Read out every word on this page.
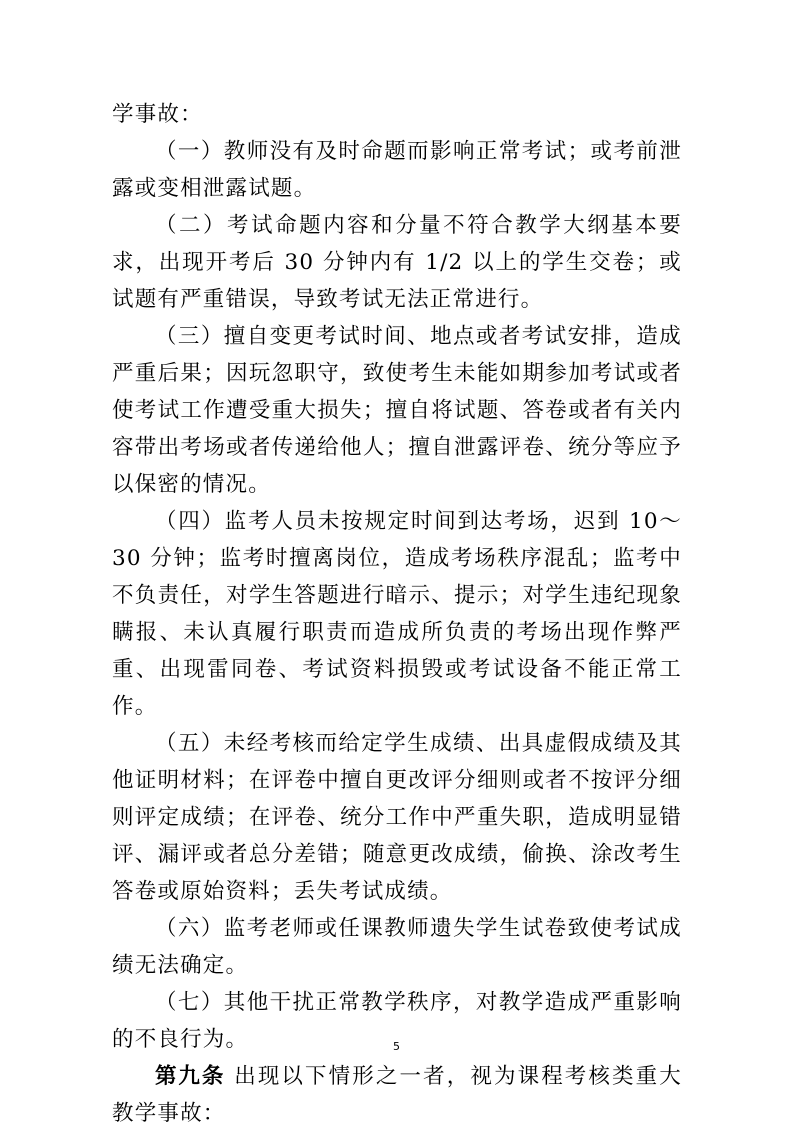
学事故：

（一）教师没有及时命题而影响正常考试；或考前泄露或变相泄露试题。

（二）考试命题内容和分量不符合教学大纲基本要求，出现开考后 30 分钟内有 1/2 以上的学生交卷；或试题有严重错误，导致考试无法正常进行。

（三）擅自变更考试时间、地点或者考试安排，造成严重后果；因玩忽职守，致使考生未能如期参加考试或者使考试工作遭受重大损失；擅自将试题、答卷或者有关内容带出考场或者传递给他人；擅自泄露评卷、统分等应予以保密的情况。

（四）监考人员未按规定时间到达考场，迟到 10～30 分钟；监考时擅离岗位，造成考场秩序混乱；监考中不负责任，对学生答题进行暗示、提示；对学生违纪现象瞒报、未认真履行职责而造成所负责的考场出现作弊严重、出现雷同卷、考试资料损毁或考试设备不能正常工作。

（五）未经考核而给定学生成绩、出具虚假成绩及其他证明材料；在评卷中擅自更改评分细则或者不按评分细则评定成绩；在评卷、统分工作中严重失职，造成明显错评、漏评或者总分差错；随意更改成绩，偷换、涂改考生答卷或原始资料；丢失考试成绩。

（六）监考老师或任课教师遗失学生试卷致使考试成绩无法确定。

（七）其他干扰正常教学秩序，对教学造成严重影响的不良行为。

第九条 出现以下情形之一者，视为课程考核类重大教学事故：

5
